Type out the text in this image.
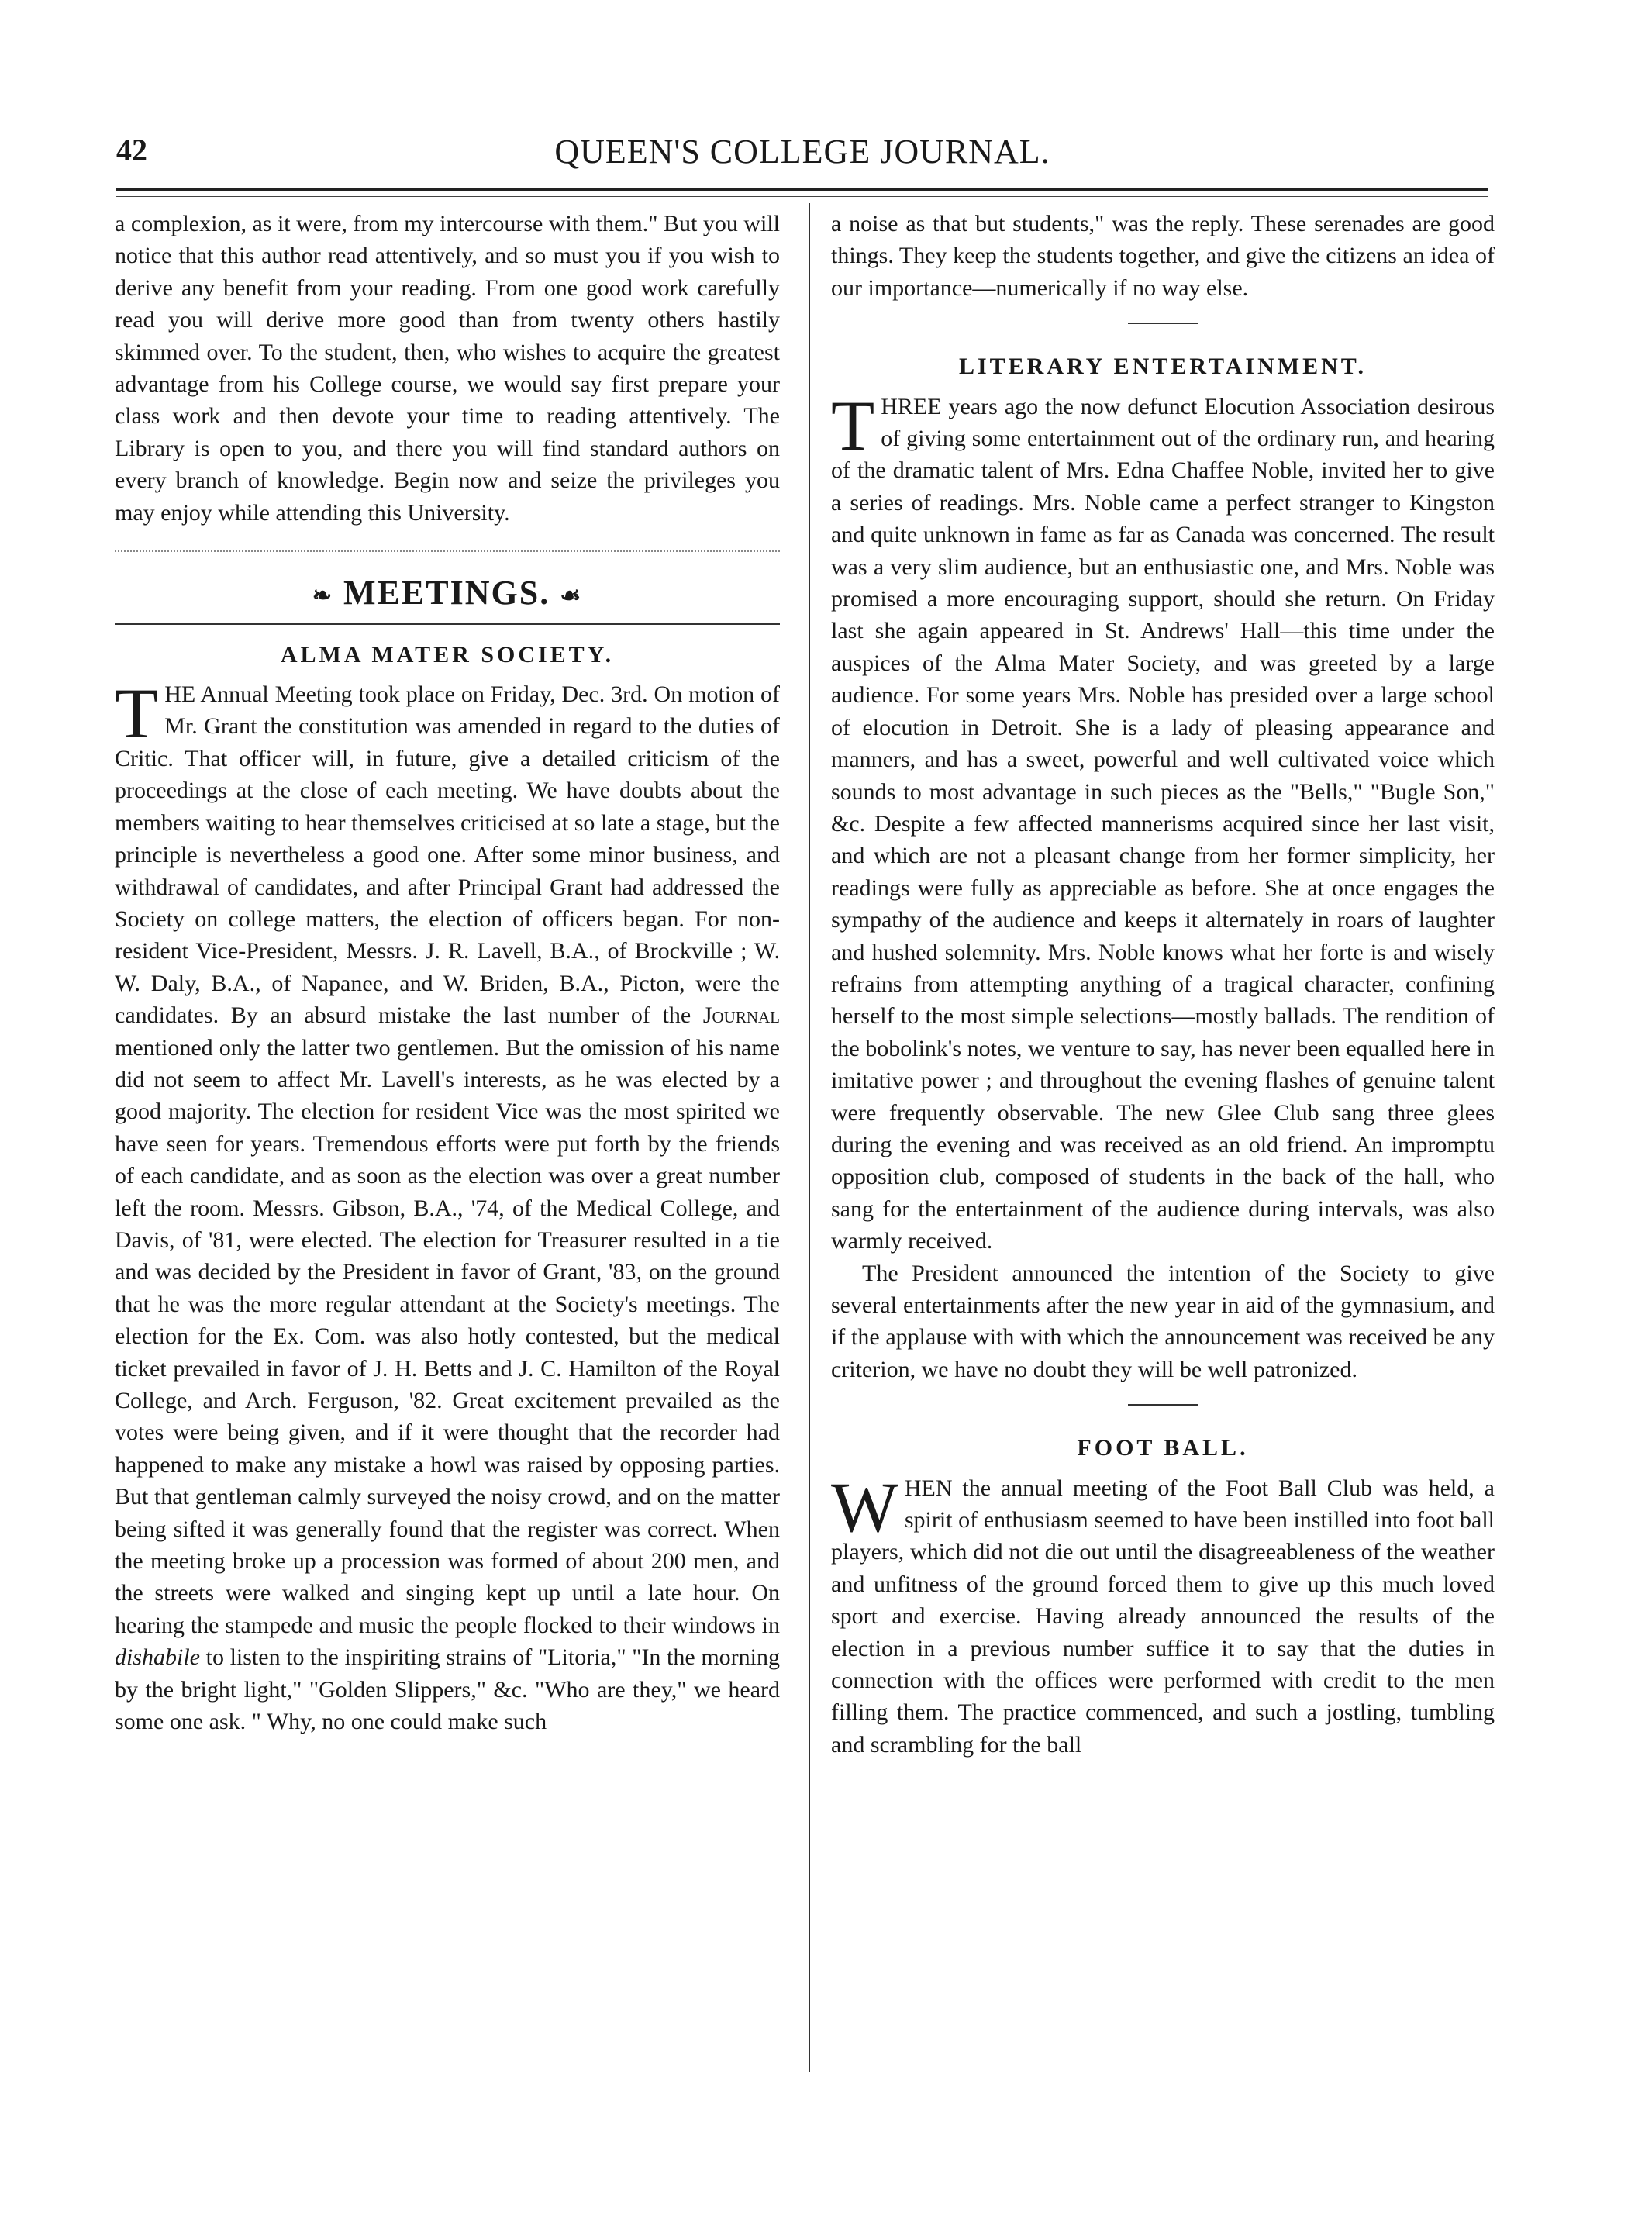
42	QUEEN'S COLLEGE JOURNAL.

a complexion, as it were, from my intercourse with them." But you will notice that this author read attentively, and so must you if you wish to derive any benefit from your reading. From one good work carefully read you will derive more good than from twenty others hastily skimmed over. To the student, then, who wishes to acquire the greatest advantage from his College course, we would say first prepare your class work and then devote your time to reading attentively. The Library is open to you, and there you will find standard authors on every branch of knowledge. Begin now and seize the privileges you may enjoy while attending this University.

❧ MEETINGS. ☙
ALMA MATER SOCIETY.

THE Annual Meeting took place on Friday, Dec. 3rd. On motion of Mr. Grant the constitution was amended in regard to the duties of Critic. That officer will, in future, give a detailed criticism of the proceedings at the close of each meeting. We have doubts about the members waiting to hear themselves criticised at so late a stage, but the principle is nevertheless a good one. After some minor business, and withdrawal of candidates, and after Principal Grant had addressed the Society on college matters, the election of officers began. For non-resident Vice-President, Messrs. J. R. Lavell, B.A., of Brockville ; W. W. Daly, B.A., of Napanee, and W. Briden, B.A., Picton, were the candidates. By an absurd mistake the last number of the Journal mentioned only the latter two gentlemen. But the omission of his name did not seem to affect Mr. Lavell's interests, as he was elected by a good majority. The election for resident Vice was the most spirited we have seen for years. Tremendous efforts were put forth by the friends of each candidate, and as soon as the election was over a great number left the room. Messrs. Gibson, B.A., '74, of the Medical College, and Davis, of '81, were elected. The election for Treasurer resulted in a tie and was decided by the President in favor of Grant, '83, on the ground that he was the more regular attendant at the Society's meetings. The election for the Ex. Com. was also hotly contested, but the medical ticket prevailed in favor of J. H. Betts and J. C. Hamilton of the Royal College, and Arch. Ferguson, '82. Great excitement prevailed as the votes were being given, and if it were thought that the recorder had happened to make any mistake a howl was raised by opposing parties. But that gentleman calmly surveyed the noisy crowd, and on the matter being sifted it was generally found that the register was correct. When the meeting broke up a procession was formed of about 200 men, and the streets were walked and singing kept up until a late hour. On hearing the stampede and music the people flocked to their windows in dishabile to listen to the inspiriting strains of "Litoria," "In the morning by the bright light," "Golden Slippers," &c. "Who are they," we heard some one ask. " Why, no one could make such

a noise as that but students," was the reply. These serenades are good things. They keep the students together, and give the citizens an idea of our importance—numerically if no way else.

LITERARY ENTERTAINMENT.

THREE years ago the now defunct Elocution Association desirous of giving some entertainment out of the ordinary run, and hearing of the dramatic talent of Mrs. Edna Chaffee Noble, invited her to give a series of readings. Mrs. Noble came a perfect stranger to Kingston and quite unknown in fame as far as Canada was concerned. The result was a very slim audience, but an enthusiastic one, and Mrs. Noble was promised a more encouraging support, should she return. On Friday last she again appeared in St. Andrews' Hall—this time under the auspices of the Alma Mater Society, and was greeted by a large audience. For some years Mrs. Noble has presided over a large school of elocution in Detroit. She is a lady of pleasing appearance and manners, and has a sweet, powerful and well cultivated voice which sounds to most advantage in such pieces as the "Bells," "Bugle Son," &c. Despite a few affected mannerisms acquired since her last visit, and which are not a pleasant change from her former simplicity, her readings were fully as appreciable as before. She at once engages the sympathy of the audience and keeps it alternately in roars of laughter and hushed solemnity. Mrs. Noble knows what her forte is and wisely refrains from attempting anything of a tragical character, confining herself to the most simple selections—mostly ballads. The rendition of the bobolink's notes, we venture to say, has never been equalled here in imitative power ; and throughout the evening flashes of genuine talent were frequently observable. The new Glee Club sang three glees during the evening and was received as an old friend. An impromptu opposition club, composed of students in the back of the hall, who sang for the entertainment of the audience during intervals, was also warmly received.

The President announced the intention of the Society to give several entertainments after the new year in aid of the gymnasium, and if the applause with with which the announcement was received be any criterion, we have no doubt they will be well patronized.

FOOT BALL.

WHEN the annual meeting of the Foot Ball Club was held, a spirit of enthusiasm seemed to have been instilled into foot ball players, which did not die out until the disagreeableness of the weather and unfitness of the ground forced them to give up this much loved sport and exercise. Having already announced the results of the election in a previous number suffice it to say that the duties in connection with the offices were performed with credit to the men filling them. The practice commenced, and such a jostling, tumbling and scrambling for the ball
